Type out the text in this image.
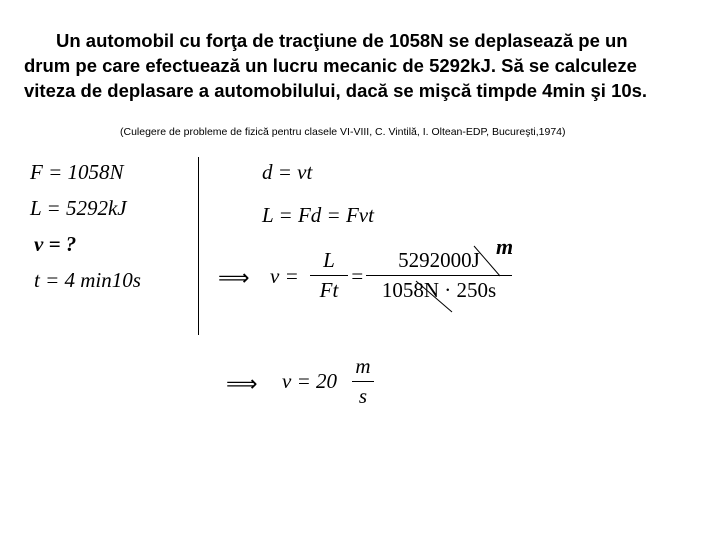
Un automobil cu forţa de tracţiune de 1058N se deplasează pe un
drum pe care efectuează un lucru mecanic de 5292kJ. Să se calculeze
viteza de deplasare a automobilului, dacă se mişcă timpde 4min şi 10s.
(Culegere de probleme de fizică pentru clasele VI-VIII, C. Vintilă, I. Oltean-EDP, Bucureşti,1974)
F = 1058N
L = 5292kJ
v = ?
t = 4 min10s
d = vt
L = Fd = Fvt
⟹ v =
L
Ft
=
5292000J
1058N · 250s
m
⟹ v = 20
m
s
